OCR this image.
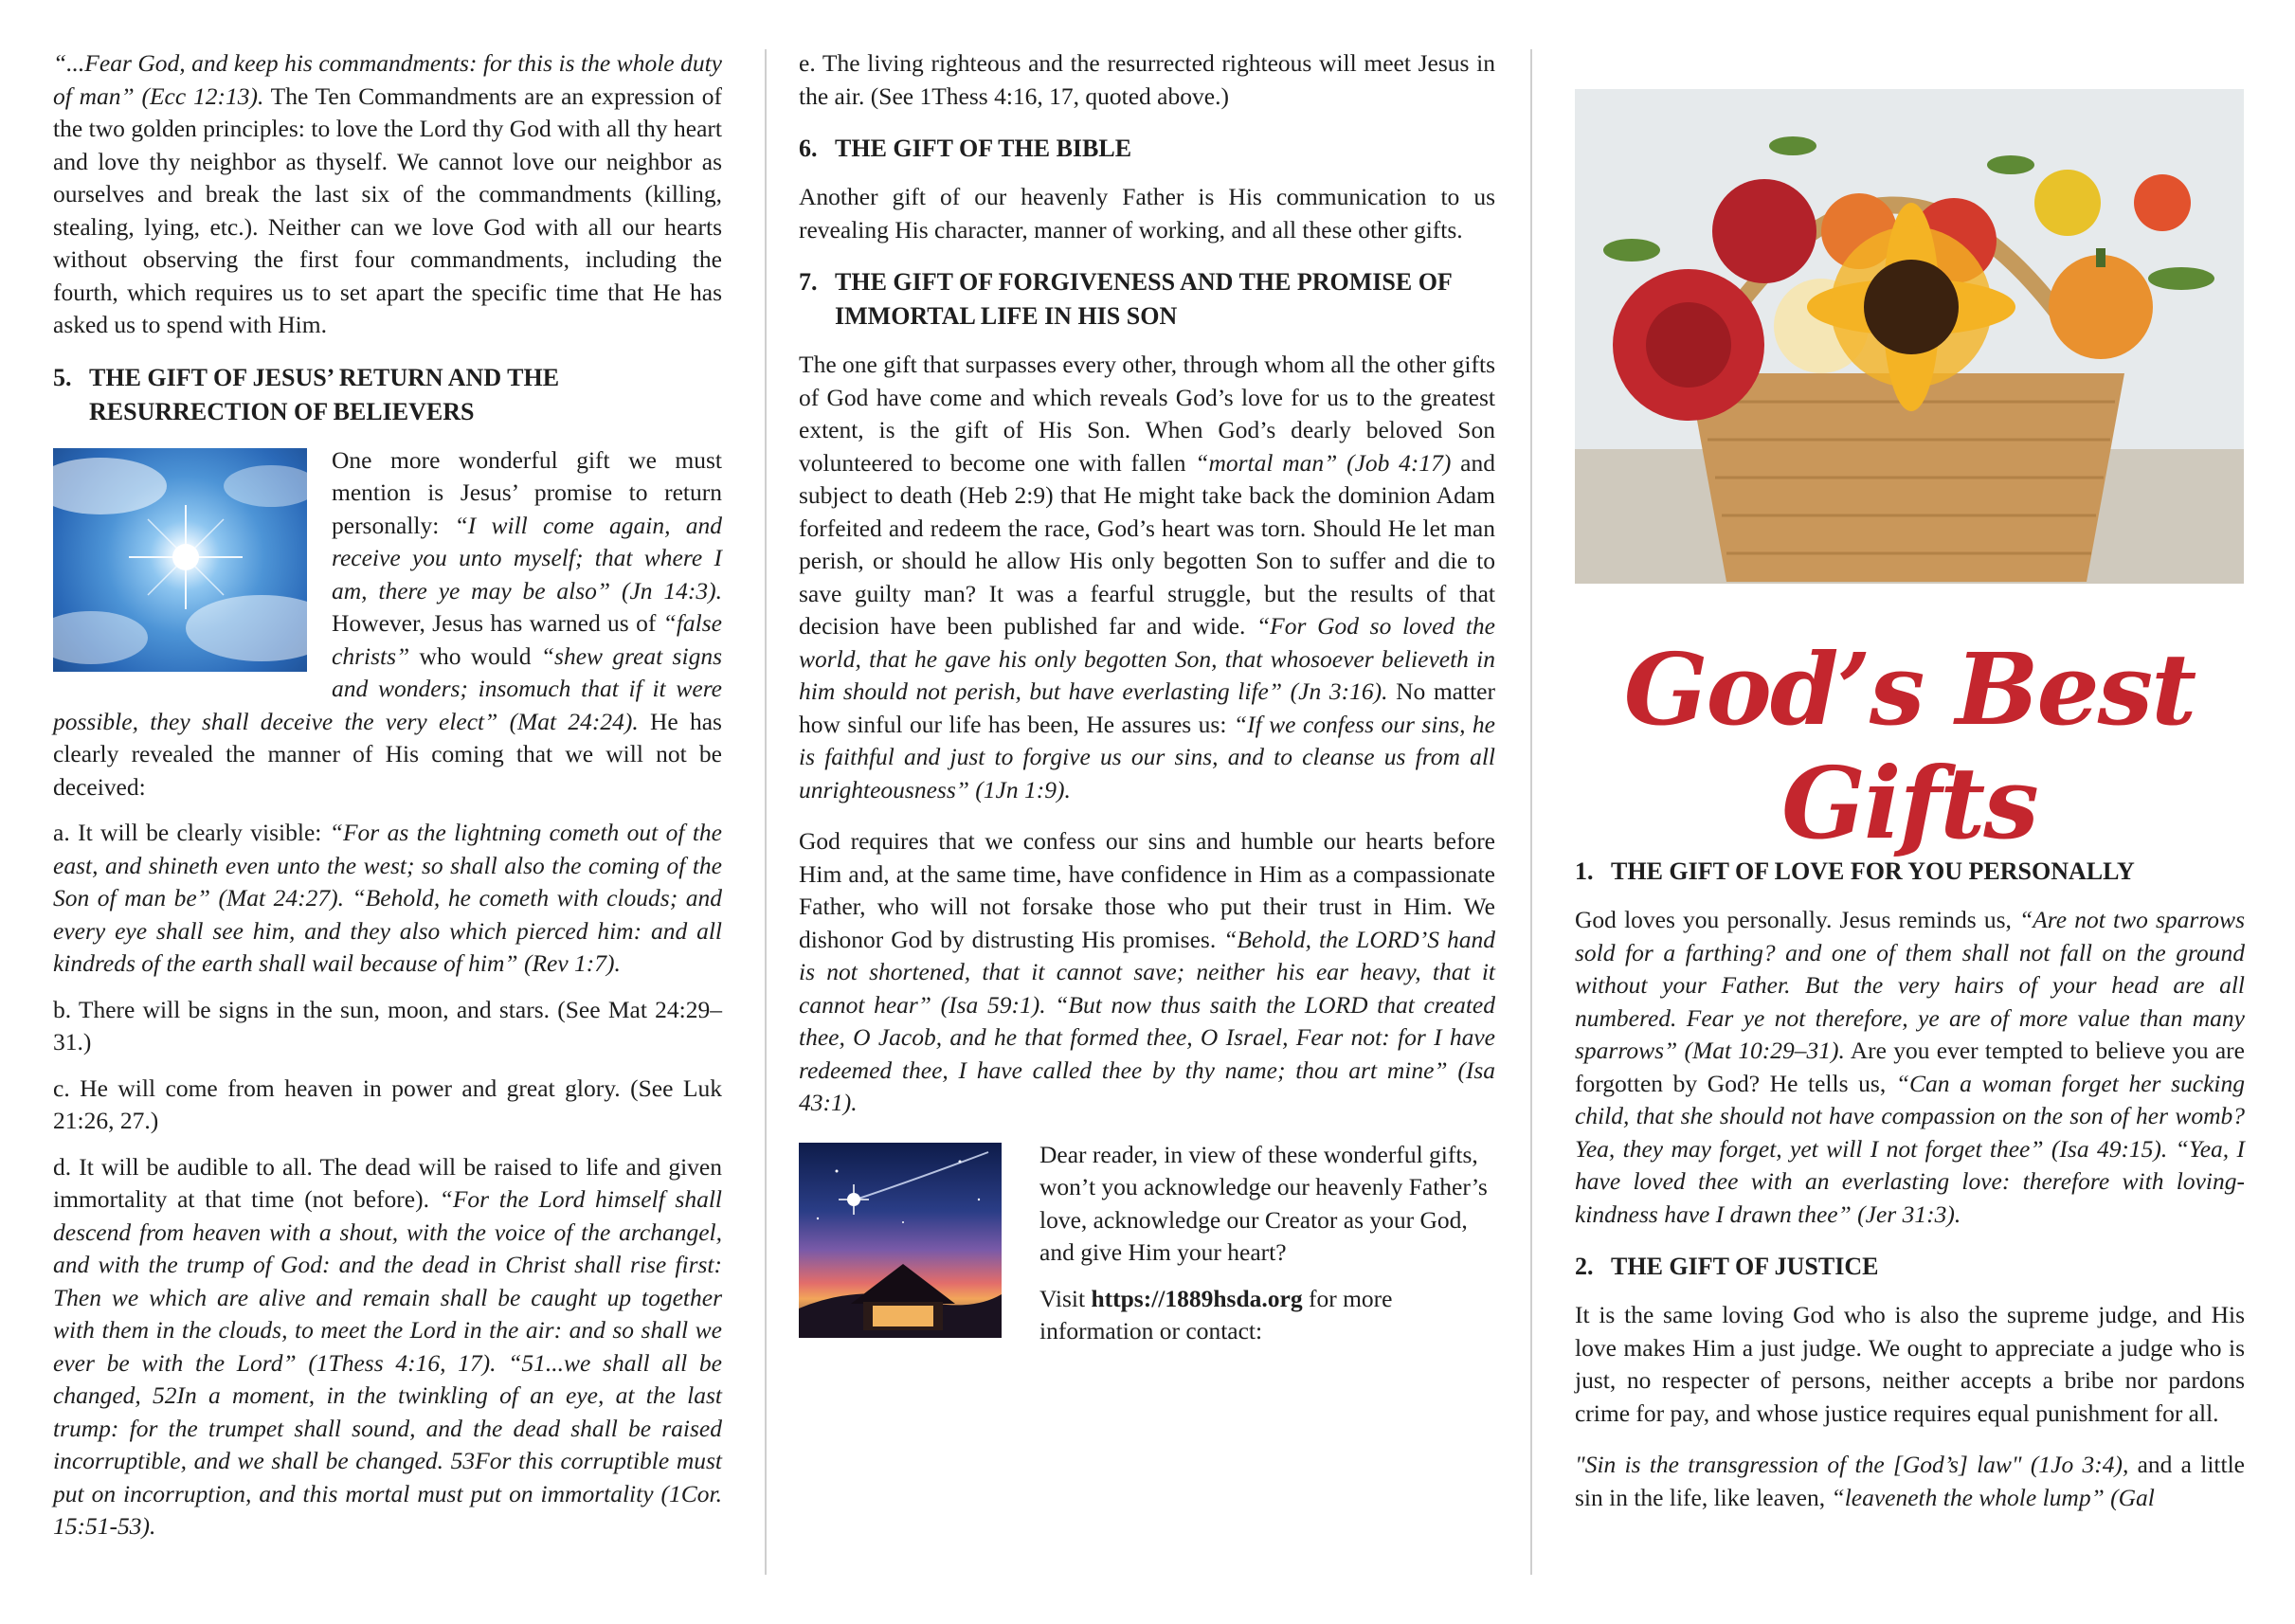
“...Fear God, and keep his commandments: for this is the whole duty of man” (Ecc 12:13). The Ten Commandments are an expression of the two golden principles: to love the Lord thy God with all thy heart and love thy neighbor as thyself. We cannot love our neighbor as ourselves and break the last six of the commandments (killing, stealing, lying, etc.). Neither can we love God with all our hearts without observing the first four commandments, including the fourth, which requires us to set apart the specific time that He has asked us to spend with Him.

5. THE GIFT OF JESUS’ RETURN AND THE RESURRECTION OF BELIEVERS

One more wonderful gift we must mention is Jesus’ promise to return personally: “I will come again, and receive you unto myself; that where I am, there ye may be also” (Jn 14:3). However, Jesus has warned us of “false christs” who would “shew great signs and wonders; insomuch that if it were possible, they shall deceive the very elect” (Mat 24:24). He has clearly revealed the manner of His coming that we will not be deceived:

a. It will be clearly visible: “For as the lightning cometh out of the east, and shineth even unto the west; so shall also the coming of the Son of man be” (Mat 24:27). “Behold, he cometh with clouds; and every eye shall see him, and they also which pierced him: and all kindreds of the earth shall wail because of him” (Rev 1:7).

b. There will be signs in the sun, moon, and stars. (See Mat 24:29–31.)

c. He will come from heaven in power and great glory. (See Luk 21:26, 27.)

d. It will be audible to all. The dead will be raised to life and given immortality at that time (not before). “For the Lord himself shall descend from heaven with a shout, with the voice of the archangel, and with the trump of God: and the dead in Christ shall rise first: Then we which are alive and remain shall be caught up together with them in the clouds, to meet the Lord in the air: and so shall we ever be with the Lord” (1Thess 4:16, 17). “51...we shall all be changed, 52In a moment, in the twinkling of an eye, at the last trump: for the trumpet shall sound, and the dead shall be raised incorruptible, and we shall be changed. 53For this corruptible must put on incorruption, and this mortal must put on immortality (1Cor. 15:51-53).

e. The living righteous and the resurrected righteous will meet Jesus in the air. (See 1Thess 4:16, 17, quoted above.)

6. THE GIFT OF THE BIBLE

Another gift of our heavenly Father is His communication to us revealing His character, manner of working, and all these other gifts.

7. THE GIFT OF FORGIVENESS AND THE PROMISE OF IMMORTAL LIFE IN HIS SON

The one gift that surpasses every other, through whom all the other gifts of God have come and which reveals God’s love for us to the greatest extent, is the gift of His Son. When God’s dearly beloved Son volunteered to become one with fallen “mortal man” (Job 4:17) and subject to death (Heb 2:9) that He might take back the dominion Adam forfeited and redeem the race, God’s heart was torn. Should He let man perish, or should he allow His only begotten Son to suffer and die to save guilty man? It was a fearful struggle, but the results of that decision have been published far and wide. “For God so loved the world, that he gave his only begotten Son, that whosoever believeth in him should not perish, but have everlasting life” (Jn 3:16). No matter how sinful our life has been, He assures us: “If we confess our sins, he is faithful and just to forgive us our sins, and to cleanse us from all unrighteousness” (1Jn 1:9).

God requires that we confess our sins and humble our hearts before Him and, at the same time, have confidence in Him as a compassionate Father, who will not forsake those who put their trust in Him. We dishonor God by distrusting His promises. “Behold, the LORD’S hand is not shortened, that it cannot save; neither his ear heavy, that it cannot hear” (Isa 59:1). “But now thus saith the LORD that created thee, O Jacob, and he that formed thee, O Israel, Fear not: for I have redeemed thee, I have called thee by thy name; thou art mine” (Isa 43:1).

Dear reader, in view of these wonderful gifts, won’t you acknowledge our heavenly Father’s love, acknowledge our Creator as your God, and give Him your heart?

Visit https://1889hsda.org for more information or contact:

God’s Best Gifts
1. THE GIFT OF LOVE FOR YOU PERSONALLY

God loves you personally. Jesus reminds us, “Are not two sparrows sold for a farthing? and one of them shall not fall on the ground without your Father. But the very hairs of your head are all numbered. Fear ye not therefore, ye are of more value than many sparrows” (Mat 10:29–31). Are you ever tempted to believe you are forgotten by God? He tells us, “Can a woman forget her sucking child, that she should not have compassion on the son of her womb? Yea, they may forget, yet will I not forget thee” (Isa 49:15). “Yea, I have loved thee with an everlasting love: therefore with loving-kindness have I drawn thee” (Jer 31:3).

2. THE GIFT OF JUSTICE

It is the same loving God who is also the supreme judge, and His love makes Him a just judge. We ought to appreciate a judge who is just, no respecter of persons, neither accepts a bribe nor pardons crime for pay, and whose justice requires equal punishment for all.

"Sin is the transgression of the [God’s] law" (1Jo 3:4), and a little sin in the life, like leaven, “leaveneth the whole lump” (Gal
